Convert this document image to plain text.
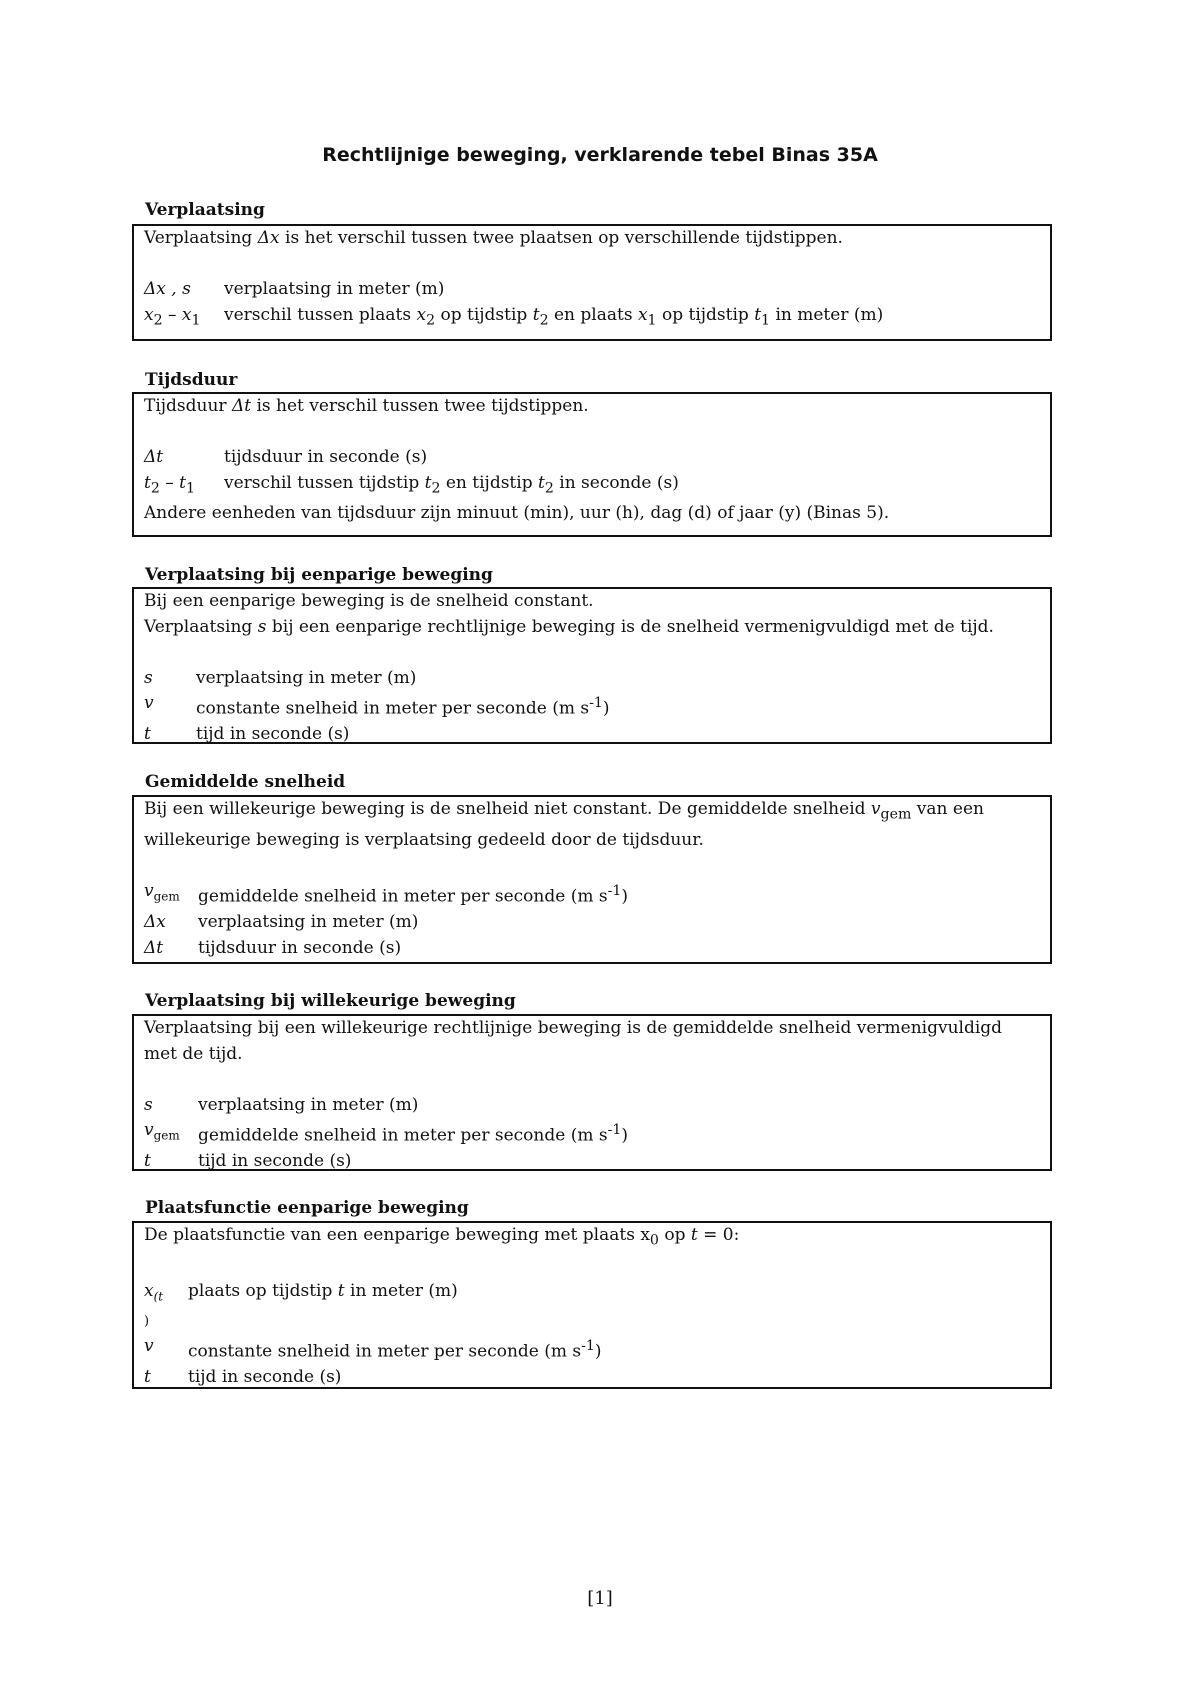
Rechtlijnige beweging, verklarende tebel Binas 35A
Verplaatsing
Verplaatsing Δx is het verschil tussen twee plaatsen op verschillende tijdstippen.
Δx , s	verplaatsing in meter (m)
$x_2 - x_1$	verschil tussen plaats $x_2$ op tijdstip $t_2$ en plaats $x_1$ op tijdstip $t_1$ in meter (m)
Tijdsduur
Tijdsduur Δt is het verschil tussen twee tijdstippen.
Δt	tijdsduur in seconde (s)
$t_2 - t_1$	verschil tussen tijdstip $t_2$ en tijdstip $t_2$ in seconde (s)
Andere eenheden van tijdsduur zijn minuut (min), uur (h), dag (d) of jaar (y) (Binas 5).
Verplaatsing bij eenparige beweging
Bij een eenparige beweging is de snelheid constant.
Verplaatsing s bij een eenparige rechtlijnige beweging is de snelheid vermenigvuldigd met de tijd.
s	verplaatsing in meter (m)
v	constante snelheid in meter per seconde (m $s^{-1}$)
t	tijd in seconde (s)
Gemiddelde snelheid
Bij een willekeurige beweging is de snelheid niet constant. De gemiddelde snelheid $v_{gem}$ van een
willekeurige beweging is verplaatsing gedeeld door de tijdsduur.
$v_{gem}$	gemiddelde snelheid in meter per seconde (m $s^{-1}$)
Δx	verplaatsing in meter (m)
Δt	tijdsduur in seconde (s)
Verplaatsing bij willekeurige beweging
Verplaatsing bij een willekeurige rechtlijnige beweging is de gemiddelde snelheid vermenigvuldigd
met de tijd.
s	verplaatsing in meter (m)
$v_{gem}$	gemiddelde snelheid in meter per seconde (m $s^{-1}$)
t	tijd in seconde (s)
Plaatsfunctie eenparige beweging
De plaatsfunctie van een eenparige beweging met plaats $x_0$ op t = 0:
$x_{(t}$	plaats op tijdstip t in meter (m)
)
v	constante snelheid in meter per seconde (m $s^{-1}$)
t	tijd in seconde (s)
[1]
